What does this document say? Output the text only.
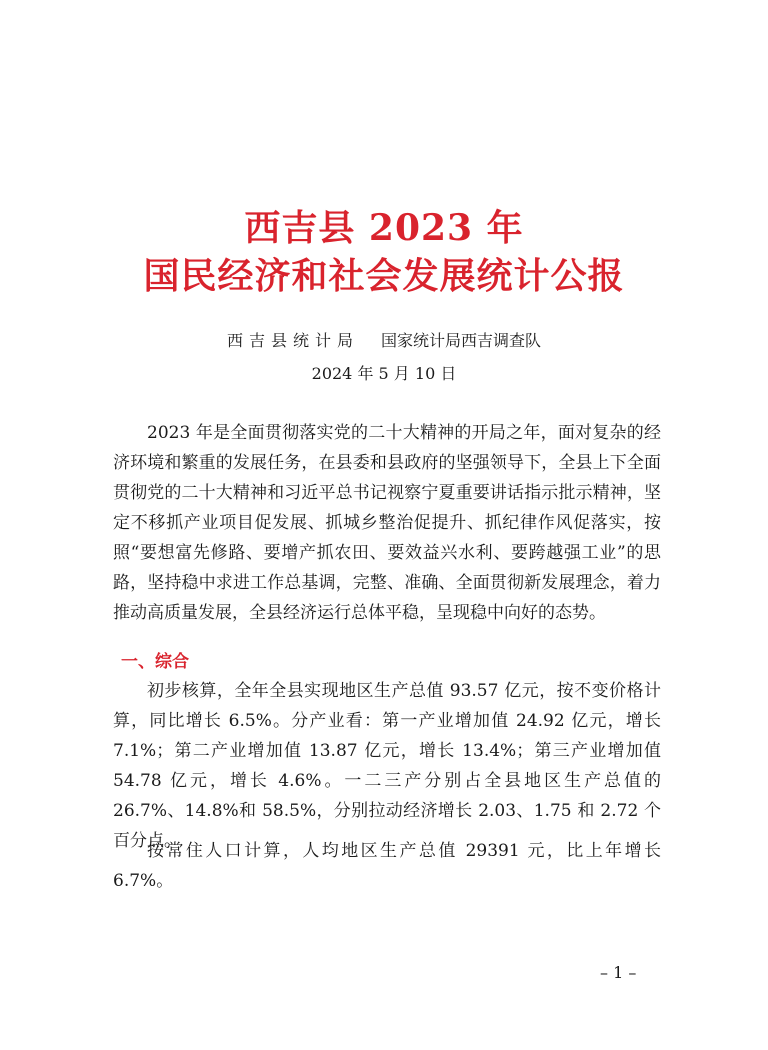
西吉县 2023 年
国民经济和社会发展统计公报
西吉县统计局 国家统计局西吉调查队
2024 年 5 月 10 日

2023 年是全面贯彻落实党的二十大精神的开局之年，面对复杂的经济环境和繁重的发展任务，在县委和县政府的坚强领导下，全县上下全面贯彻党的二十大精神和习近平总书记视察宁夏重要讲话指示批示精神，坚定不移抓产业项目促发展、抓城乡整治促提升、抓纪律作风促落实，按照“要想富先修路、要增产抓农田、要效益兴水利、要跨越强工业”的思路，坚持稳中求进工作总基调，完整、准确、全面贯彻新发展理念，着力推动高质量发展，全县经济运行总体平稳，呈现稳中向好的态势。

一、综合

初步核算，全年全县实现地区生产总值 93.57 亿元，按不变价格计算，同比增长 6.5%。分产业看：第一产业增加值 24.92 亿元，增长 7.1%；第二产业增加值 13.87 亿元，增长 13.4%；第三产业增加值 54.78 亿元，增长 4.6%。一二三产分别占全县地区生产总值的 26.7%、14.8%和 58.5%，分别拉动经济增长 2.03、1.75 和 2.72 个百分点。

按常住人口计算，人均地区生产总值 29391 元，比上年增长 6.7%。

– 1 –
